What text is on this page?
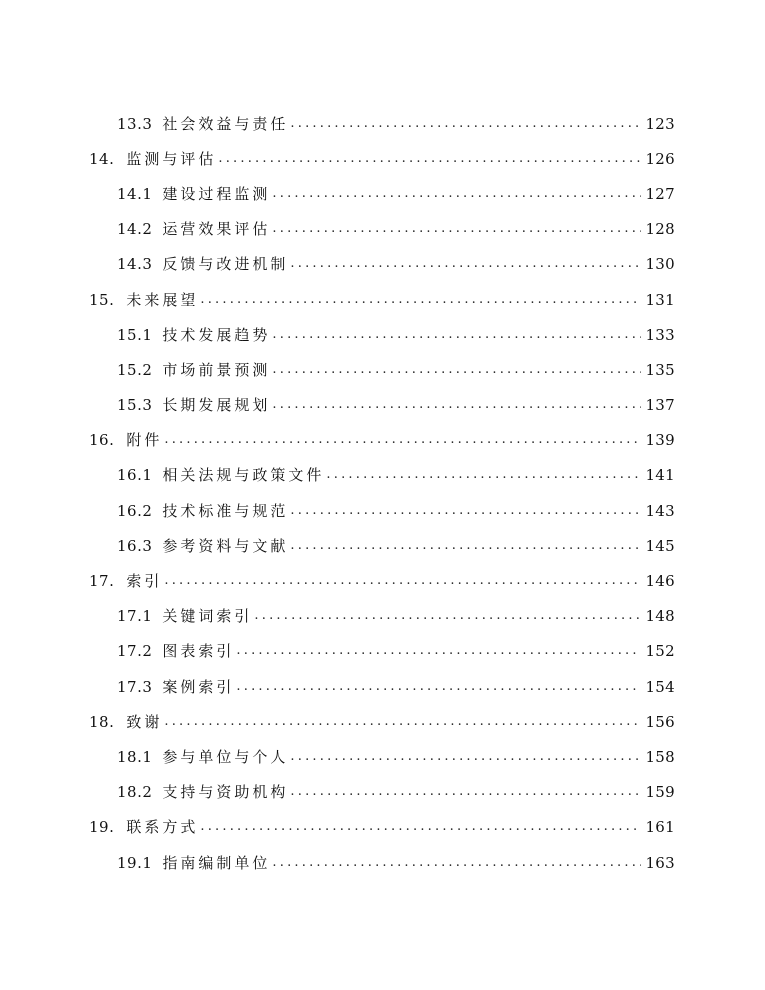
13.3 社会效益与责任 .....	123
14. 监测与评估 .....	126
14.1 建设过程监测 .....	127
14.2 运营效果评估 .....	128
14.3 反馈与改进机制 .....	130
15. 未来展望 .....	131
15.1 技术发展趋势 .....	133
15.2 市场前景预测 .....	135
15.3 长期发展规划 .....	137
16. 附件 .....	139
16.1 相关法规与政策文件 .....	141
16.2 技术标准与规范 .....	143
16.3 参考资料与文献 .....	145
17. 索引 .....	146
17.1 关键词索引 .....	148
17.2 图表索引 .....	152
17.3 案例索引 .....	154
18. 致谢 .....	156
18.1 参与单位与个人 .....	158
18.2 支持与资助机构 .....	159
19. 联系方式 .....	161
19.1 指南编制单位 .....	163
